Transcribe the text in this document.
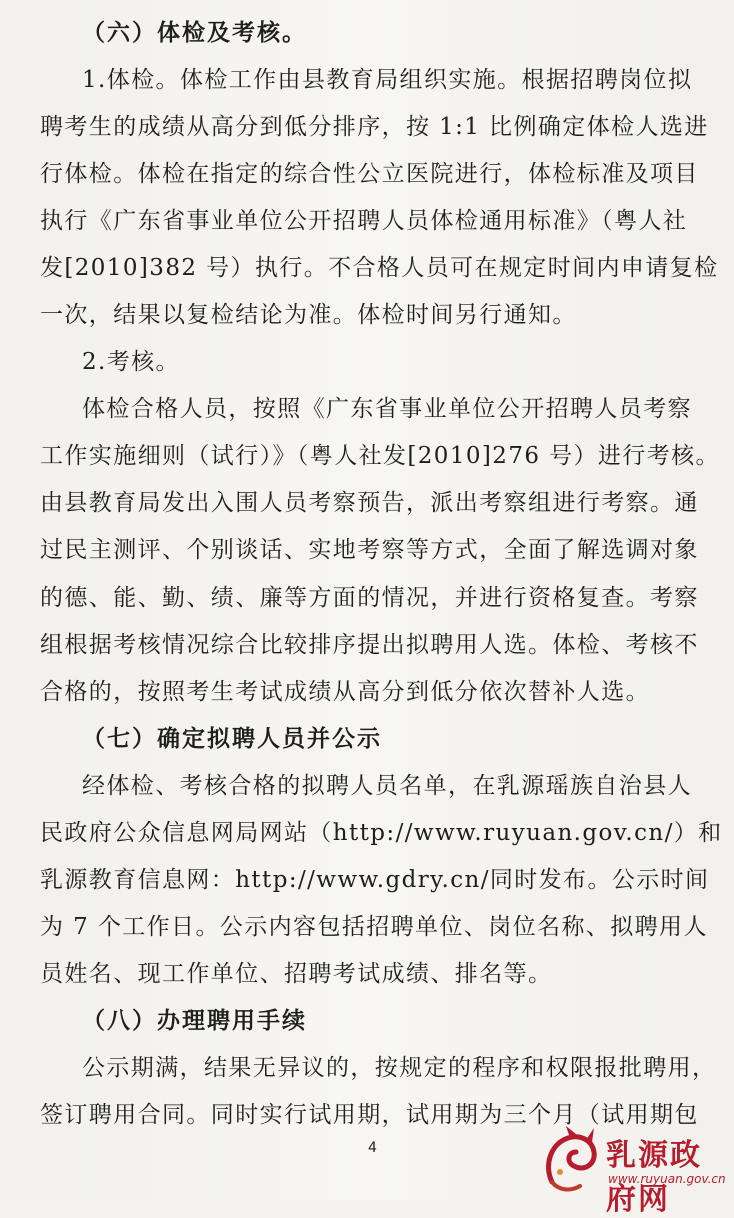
（六）体检及考核。
1.体检。体检工作由县教育局组织实施。根据招聘岗位拟
聘考生的成绩从高分到低分排序，按 1:1 比例确定体检人选进
行体检。体检在指定的综合性公立医院进行，体检标准及项目
执行《广东省事业单位公开招聘人员体检通用标准》（粤人社
发[2010]382 号）执行。不合格人员可在规定时间内申请复检
一次，结果以复检结论为准。体检时间另行通知。
2.考核。
体检合格人员，按照《广东省事业单位公开招聘人员考察
工作实施细则（试行）》（粤人社发[2010]276 号）进行考核。
由县教育局发出入围人员考察预告，派出考察组进行考察。通
过民主测评、个别谈话、实地考察等方式，全面了解选调对象
的德、能、勤、绩、廉等方面的情况，并进行资格复查。考察
组根据考核情况综合比较排序提出拟聘用人选。体检、考核不
合格的，按照考生考试成绩从高分到低分依次替补人选。
（七）确定拟聘人员并公示
经体检、考核合格的拟聘人员名单，在乳源瑶族自治县人
民政府公众信息网局网站（http://www.ruyuan.gov.cn/）和
乳源教育信息网：http://www.gdry.cn/同时发布。公示时间
为 7 个工作日。公示内容包括招聘单位、岗位名称、拟聘用人
员姓名、现工作单位、招聘考试成绩、排名等。
（八）办理聘用手续
公示期满，结果无异议的，按规定的程序和权限报批聘用，
签订聘用合同。同时实行试用期，试用期为三个月（试用期包
4	乳源政府网
www.ruyuan.gov.cn
